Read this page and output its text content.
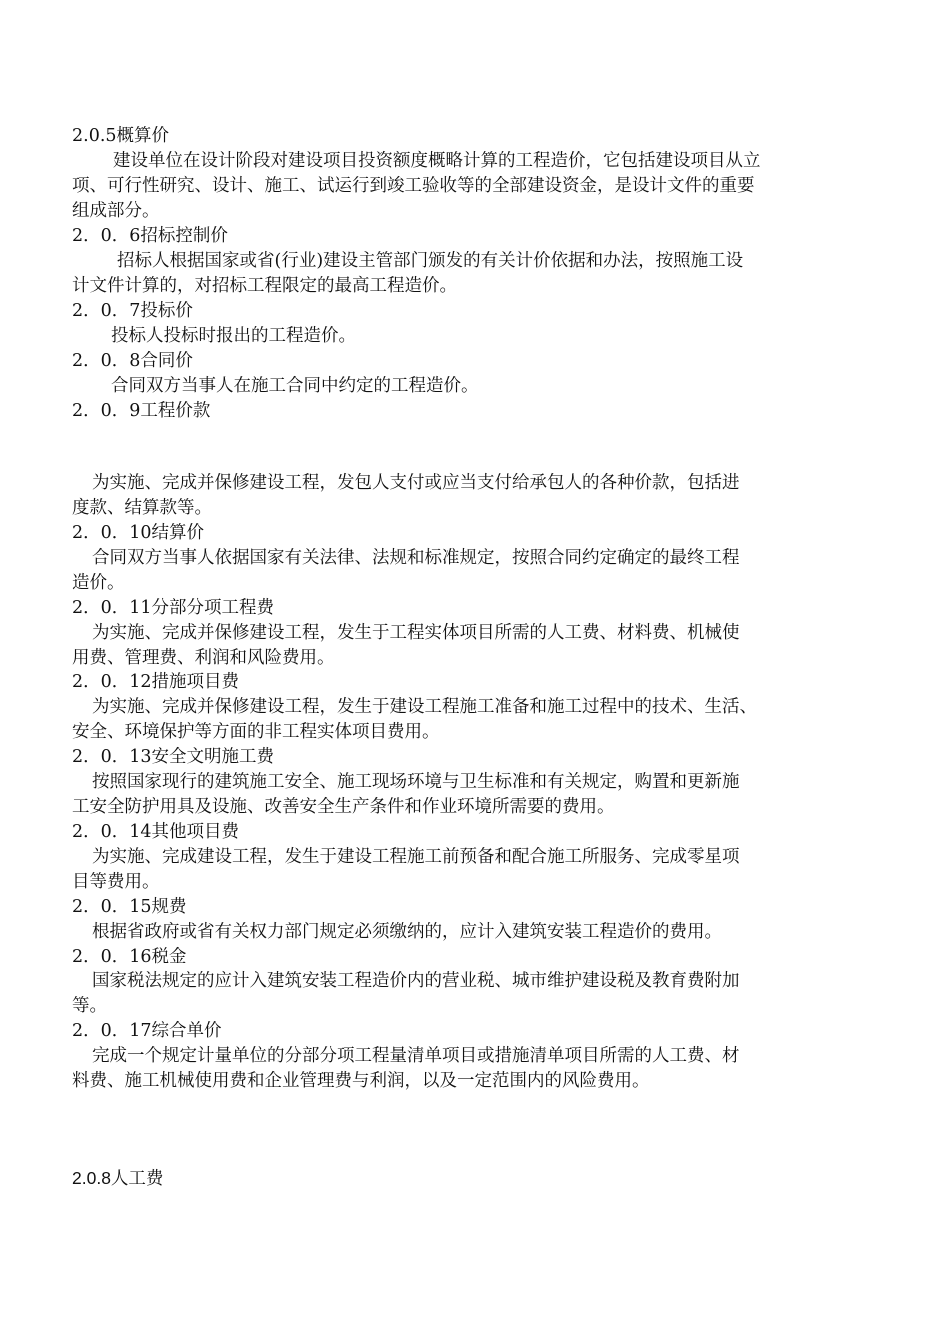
2.0.5概算价
建设单位在设计阶段对建设项目投资额度概略计算的工程造价，它包括建设项目从立
项、可行性研究、设计、施工、试运行到竣工验收等的全部建设资金，是设计文件的重要
组成部分。
2．0．6招标控制价
招标人根据国家或省(行业)建设主管部门颁发的有关计价依据和办法，按照施工设
计文件计算的，对招标工程限定的最高工程造价。
2．0．7投标价
投标人投标时报出的工程造价。
2．0．8合同价
合同双方当事人在施工合同中约定的工程造价。
2．0．9工程价款
为实施、完成并保修建设工程，发包人支付或应当支付给承包人的各种价款，包括进
度款、结算款等。
2．0．10结算价
合同双方当事人依据国家有关法律、法规和标准规定，按照合同约定确定的最终工程
造价。
2．0．11分部分项工程费
为实施、完成并保修建设工程，发生于工程实体项目所需的人工费、材料费、机械使
用费、管理费、利润和风险费用。
2．0．12措施项目费
为实施、完成并保修建设工程，发生于建设工程施工准备和施工过程中的技术、生活、
安全、环境保护等方面的非工程实体项目费用。
2．0．13安全文明施工费
按照国家现行的建筑施工安全、施工现场环境与卫生标准和有关规定，购置和更新施
工安全防护用具及设施、改善安全生产条件和作业环境所需要的费用。
2．0．14其他项目费
为实施、完成建设工程，发生于建设工程施工前预备和配合施工所服务、完成零星项
目等费用。
2．0．15规费
根据省政府或省有关权力部门规定必须缴纳的，应计入建筑安装工程造价的费用。
2．0．16税金
国家税法规定的应计入建筑安装工程造价内的营业税、城市维护建设税及教育费附加
等。
2．0．17综合单价
完成一个规定计量单位的分部分项工程量清单项目或措施清单项目所需的人工费、材
料费、施工机械使用费和企业管理费与利润，以及一定范围内的风险费用。
2.0.8人工费
